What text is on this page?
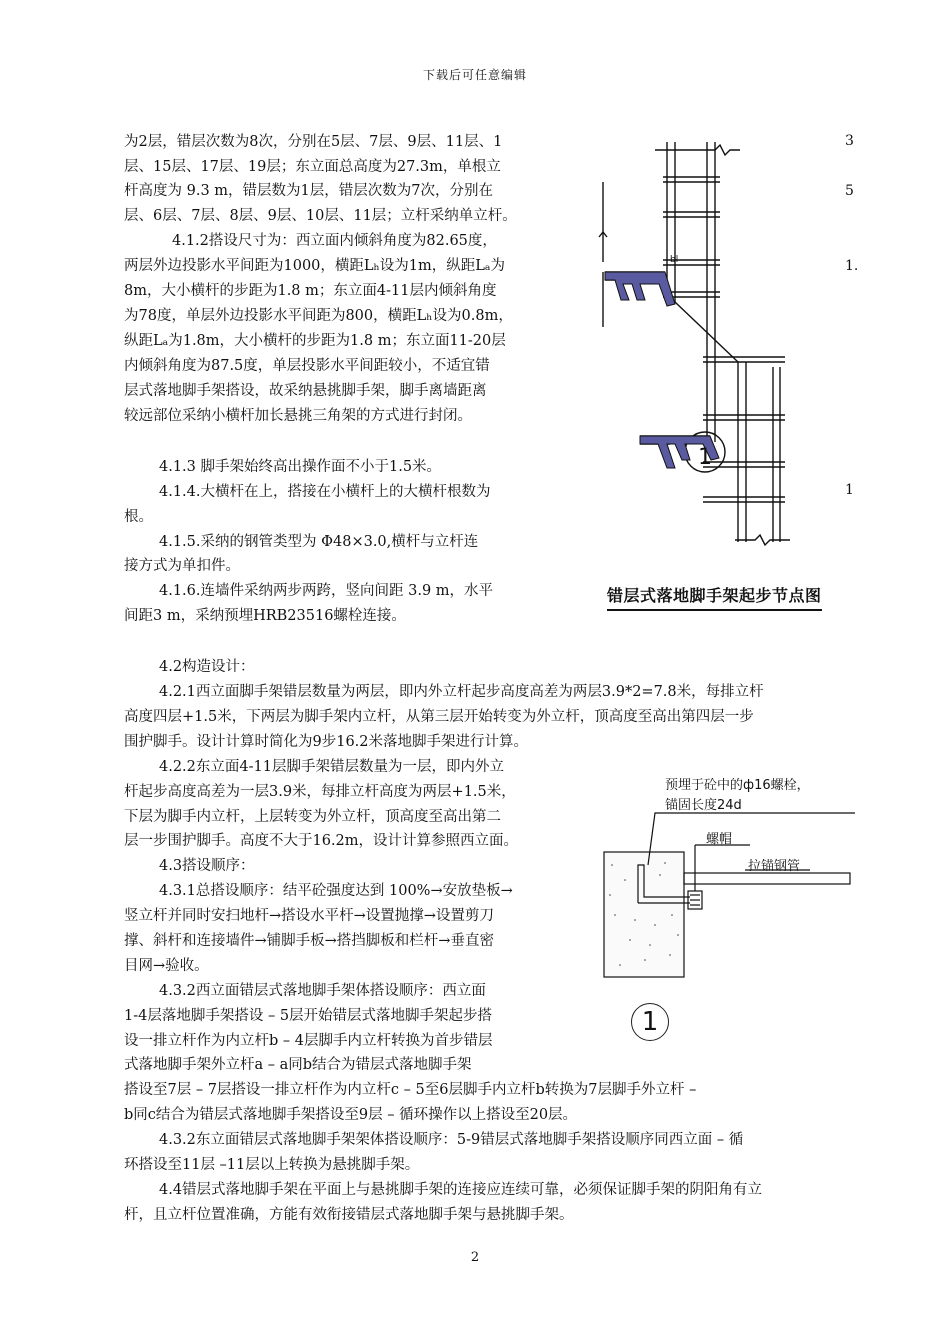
下载后可任意编辑

为2层，错层次数为8次，分别在5层、7层、9层、11层、1

层、15层、17层、19层；东立面总高度为27.3m，单根立

杆高度为 9.3 m，错层数为1层，错层次数为7次，分别在

层、6层、7层、8层、9层、10层、11层；立杆采纳单立杆。

4.1.2搭设尺寸为：西立面内倾斜角度为82.65度，

两层外边投影水平间距为1000，横距Lₕ设为1m，纵距Lₐ为

8m，大小横杆的步距为1.8 m；东立面4-11层内倾斜角度

为78度，单层外边投影水平间距为800，横距Lₕ设为0.8m，

纵距Lₐ为1.8m，大小横杆的步距为1.8 m；东立面11-20层

内倾斜角度为87.5度，单层投影水平间距较小，不适宜错

层式落地脚手架搭设，故采纳悬挑脚手架，脚手离墙距离

较远部位采纳小横杆加长悬挑三角架的方式进行封闭。

4.1.3 脚手架始终高出操作面不小于1.5米。

4.1.4.大横杆在上，搭接在小横杆上的大横杆根数为

根。

4.1.5.采纳的钢管类型为 Φ48×3.0,横杆与立杆连

接方式为单扣件。

4.1.6.连墙件采纳两步两跨，竖向间距 3.9 m，水平

间距3 m，采纳预埋HRB23516螺栓连接。

4.2构造设计：

4.2.1西立面脚手架错层数量为两层，即内外立杆起步高度高差为两层3.9*2=7.8米，每排立杆

高度四层+1.5米，下两层为脚手架内立杆，从第三层开始转变为外立杆，顶高度至高出第四层一步

围护脚手。设计计算时简化为9步16.2米落地脚手架进行计算。

4.2.2东立面4-11层脚手架错层数量为一层，即内外立

杆起步高度高差为一层3.9米，每排立杆高度为两层+1.5米，

下层为脚手内立杆，上层转变为外立杆，顶高度至高出第二

层一步围护脚手。高度不大于16.2m，设计计算参照西立面。

4.3搭设顺序：

4.3.1总搭设顺序：结平砼强度达到 100%→安放垫板→

竖立杆并同时安扫地杆→搭设水平杆→设置抛撑→设置剪刀

撑、斜杆和连接墙件→铺脚手板→搭挡脚板和栏杆→垂直密

目网→验收。

4.3.2西立面错层式落地脚手架体搭设顺序：西立面

1-4层落地脚手架搭设 – 5层开始错层式落地脚手架起步搭

设一排立杆作为内立杆b – 4层脚手内立杆转换为首步错层

式落地脚手架外立杆a – a同b结合为错层式落地脚手架

搭设至7层 – 7层搭设一排立杆作为内立杆c – 5至6层脚手内立杆b转换为7层脚手外立杆 –

b同c结合为错层式落地脚手架搭设至9层 – 循环操作以上搭设至20层。

4.3.2东立面错层式落地脚手架架体搭设顺序：5-9错层式落地脚手架搭设顺序同西立面 – 循

环搭设至11层 –11层以上转换为悬挑脚手架。

4.4错层式落地脚手架在平面上与悬挑脚手架的连接应连续可靠，必须保证脚手架的阴阳角有立

杆，且立杆位置准确，方能有效衔接错层式落地脚手架与悬挑脚手架。

bl
1
3
5
1.
1
错层式落地脚手架起步节点图
预埋于砼中的ф16螺栓，
锚固长度24d
螺帽
拉锚钢管
1
2
